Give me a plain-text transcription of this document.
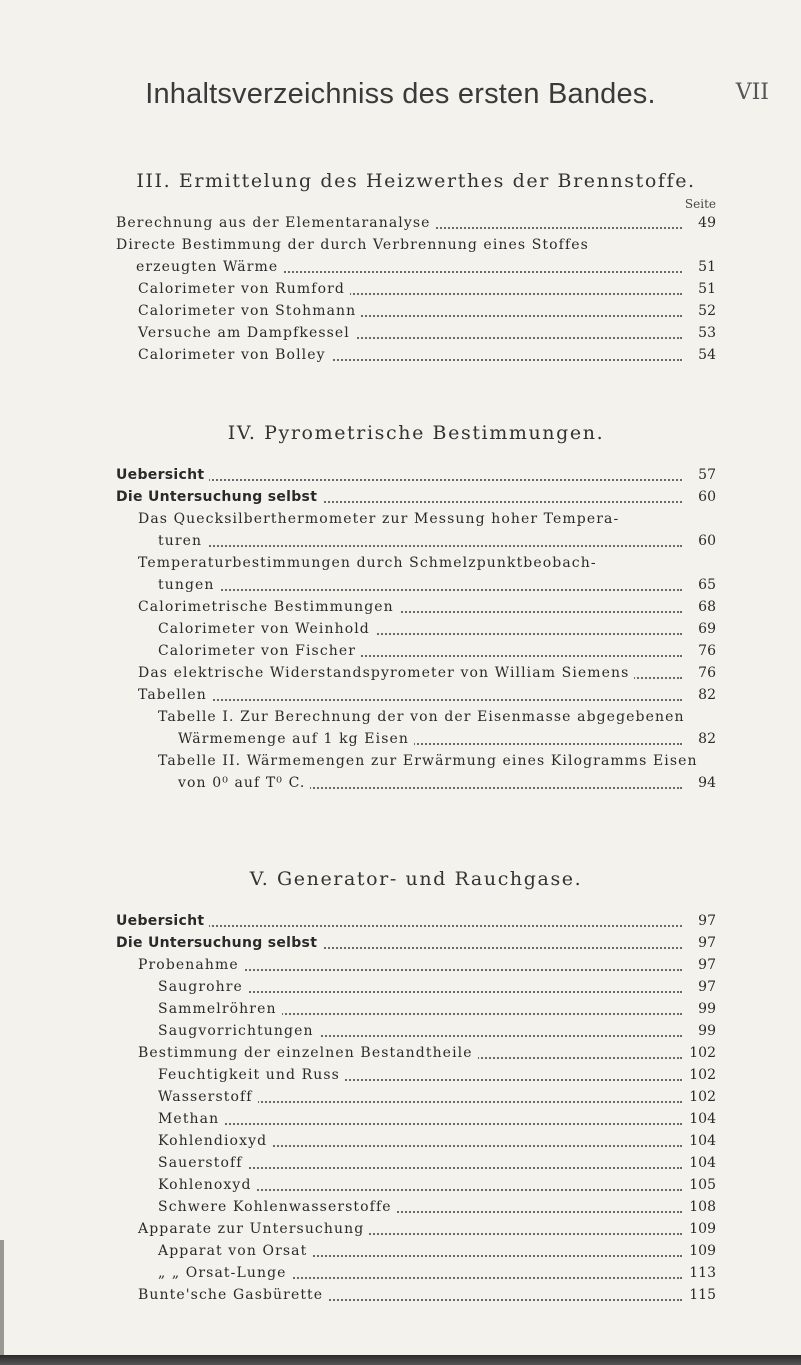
Inhaltsverzeichniss des ersten Bandes.	VII
III. Ermittelung des Heizwerthes der Brennstoffe.
Seite
Berechnung aus der Elementaranalyse	49
Directe Bestimmung der durch Verbrennung eines Stoffes
erzeugten Wärme	51
Calorimeter von Rumford	51
Calorimeter von Stohmann	52
Versuche am Dampfkessel	53
Calorimeter von Bolley	54
IV. Pyrometrische Bestimmungen.
Uebersicht	57
Die Untersuchung selbst	60
Das Quecksilberthermometer zur Messung hoher Tempera-
turen	60
Temperaturbestimmungen durch Schmelzpunktbeobach-
tungen	65
Calorimetrische Bestimmungen	68
Calorimeter von Weinhold	69
Calorimeter von Fischer	76
Das elektrische Widerstandspyrometer von William Siemens	76
Tabellen	82
Tabelle I. Zur Berechnung der von der Eisenmasse abgegebenen
Wärmemenge auf 1 kg Eisen	82
Tabelle II. Wärmemengen zur Erwärmung eines Kilogramms Eisen
von 0⁰ auf T⁰ C.	94
V. Generator- und Rauchgase.
Uebersicht	97
Die Untersuchung selbst	97
Probenahme	97
Saugrohre	97
Sammelröhren	99
Saugvorrichtungen	99
Bestimmung der einzelnen Bestandtheile	102
Feuchtigkeit und Russ	102
Wasserstoff	102
Methan	104
Kohlendioxyd	104
Sauerstoff	104
Kohlenoxyd	105
Schwere Kohlenwasserstoffe	108
Apparate zur Untersuchung	109
Apparat von Orsat	109
„ „ Orsat-Lunge	113
Bunte'sche Gasbürette	115
